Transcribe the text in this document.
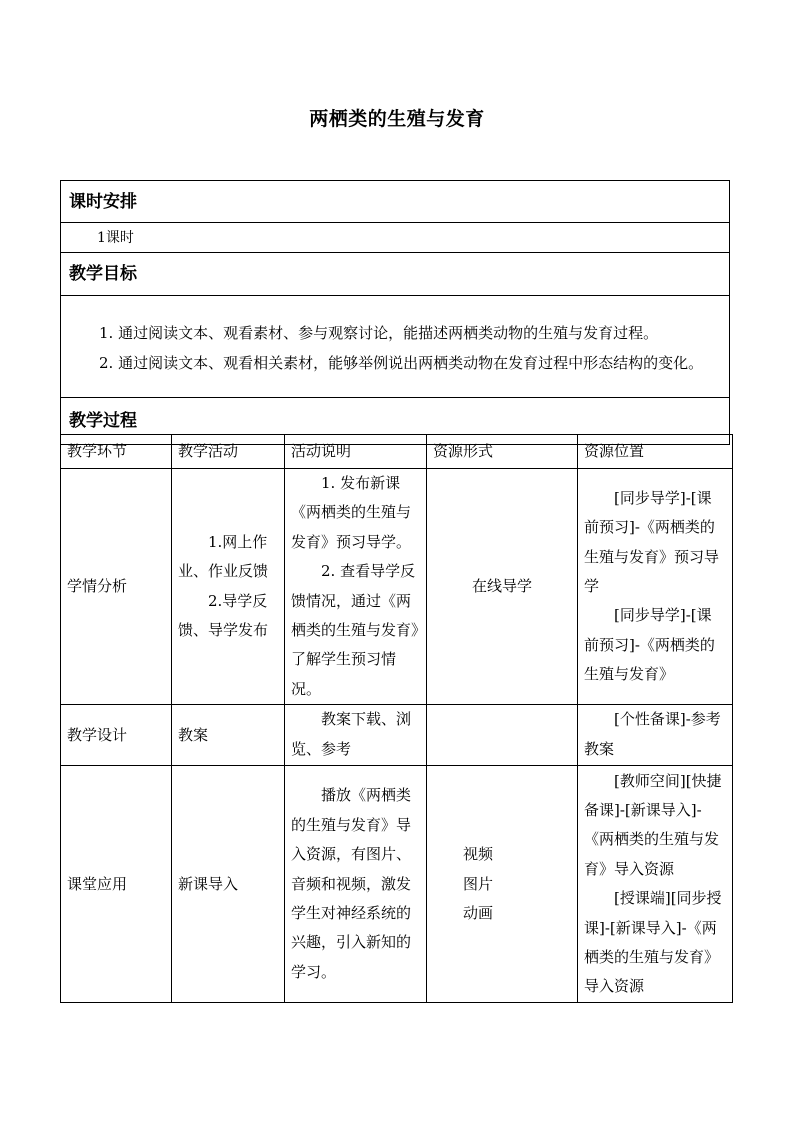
两栖类的生殖与发育
课时安排
1课时
教学目标
1. 通过阅读文本、观看素材、参与观察讨论，能描述两栖类动物的生殖与发育过程。
2. 通过阅读文本、观看相关素材，能够举例说出两栖类动物在发育过程中形态结构的变化。
教学过程
教学环节	教学活动	活动说明	资源形式	资源位置
学情分析	1.网上作业、作业反馈
2.导学反馈、导学发布	1. 发布新课《两栖类的生殖与发育》预习导学。
2. 查看导学反馈情况，通过《两栖类的生殖与发育》了解学生预习情况。	在线导学	[同步导学]-[课前预习]-《两栖类的生殖与发育》预习导学
[同步导学]-[课前预习]-《两栖类的生殖与发育》

教学设计	教案	教案下载、浏览、参考		[个性备课]-参考教案

课堂应用	新课导入	播放《两栖类的生殖与发育》导入资源，有图片、音频和视频，激发学生对神经系统的兴趣，引入新知的学习。	视频
图片
动画	[教师空间][快捷备课]-[新课导入]-《两栖类的生殖与发育》导入资源
[授课端][同步授课]-[新课导入]-《两栖类的生殖与发育》导入资源
